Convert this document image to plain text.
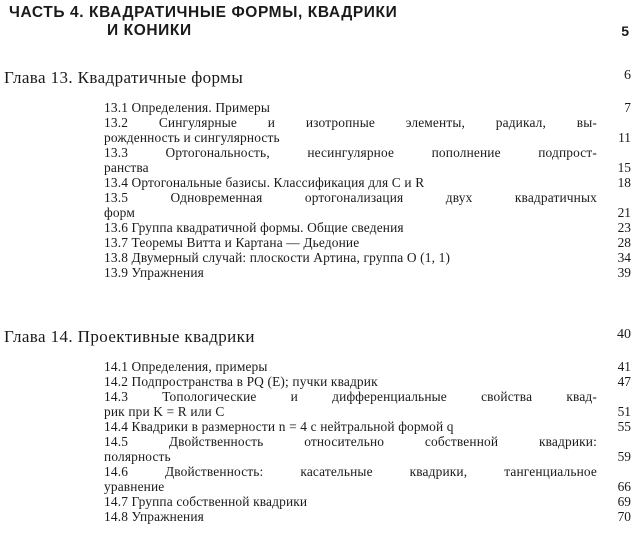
ЧАСТЬ 4. КВАДРАТИЧНЫЕ ФОРМЫ, КВАДРИКИ
И КОНИКИ	5
Глава 13. Квадратичные формы	6
13.1 Определения. Примеры	7
13.2 Сингулярные и изотропные элементы, радикал, вы-
рожденность и сингулярность	11
13.3 Ортогональность, несингулярное пополнение подпрост-
ранства	15
13.4 Ортогональные базисы. Классификация для C и R	18
13.5 Одновременная ортогонализация двух квадратичных
форм	21
13.6 Группа квадратичной формы. Общие сведения	23
13.7 Теоремы Витта и Картана — Дьедоние	28
13.8 Двумерный случай: плоскости Артина, группа O (1, 1)	34
13.9 Упражнения	39
Глава 14. Проективные квадрики	40
14.1 Определения, примеры	41
14.2 Подпространства в PQ (E); пучки квадрик	47
14.3 Топологические и дифференциальные свойства квад-
рик при K = R или C	51
14.4 Квадрики в размерности n = 4 с нейтральной формой q	55
14.5 Двойственность относительно собственной квадрики:
полярность	59
14.6 Двойственность: касательные квадрики, тангенциальное
уравнение	66
14.7 Группа собственной квадрики	69
14.8 Упражнения	70
